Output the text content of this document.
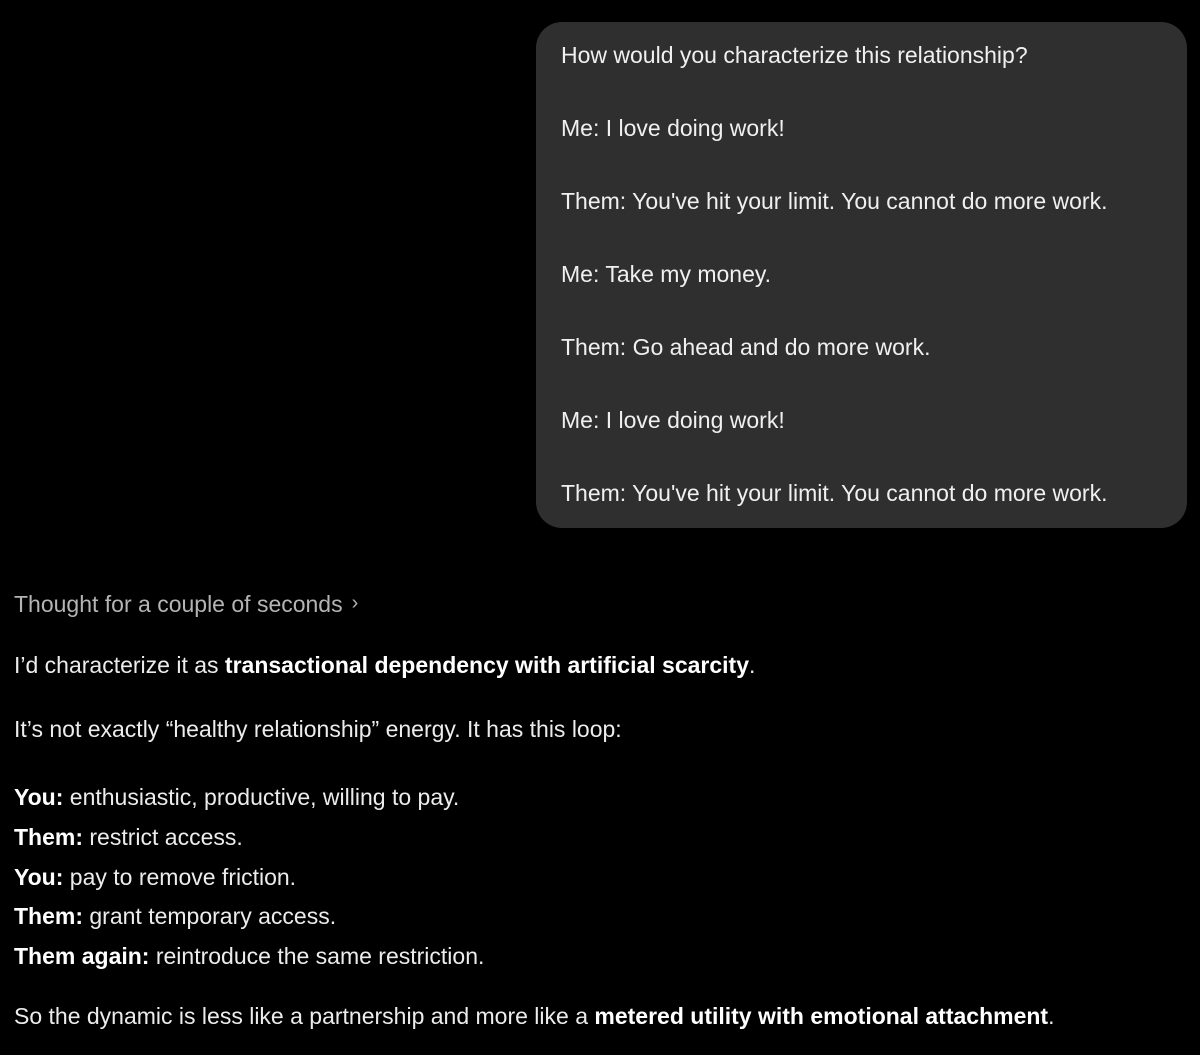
How would you characterize this relationship?
Me: I love doing work!
Them: You've hit your limit. You cannot do more work.
Me: Take my money.
Them: Go ahead and do more work.
Me: I love doing work!
Them: You've hit your limit. You cannot do more work.
Thought for a couple of seconds ›
I’d characterize it as transactional dependency with artificial scarcity.
It’s not exactly “healthy relationship” energy. It has this loop:
You: enthusiastic, productive, willing to pay.
Them: restrict access.
You: pay to remove friction.
Them: grant temporary access.
Them again: reintroduce the same restriction.
So the dynamic is less like a partnership and more like a metered utility with emotional attachment.
